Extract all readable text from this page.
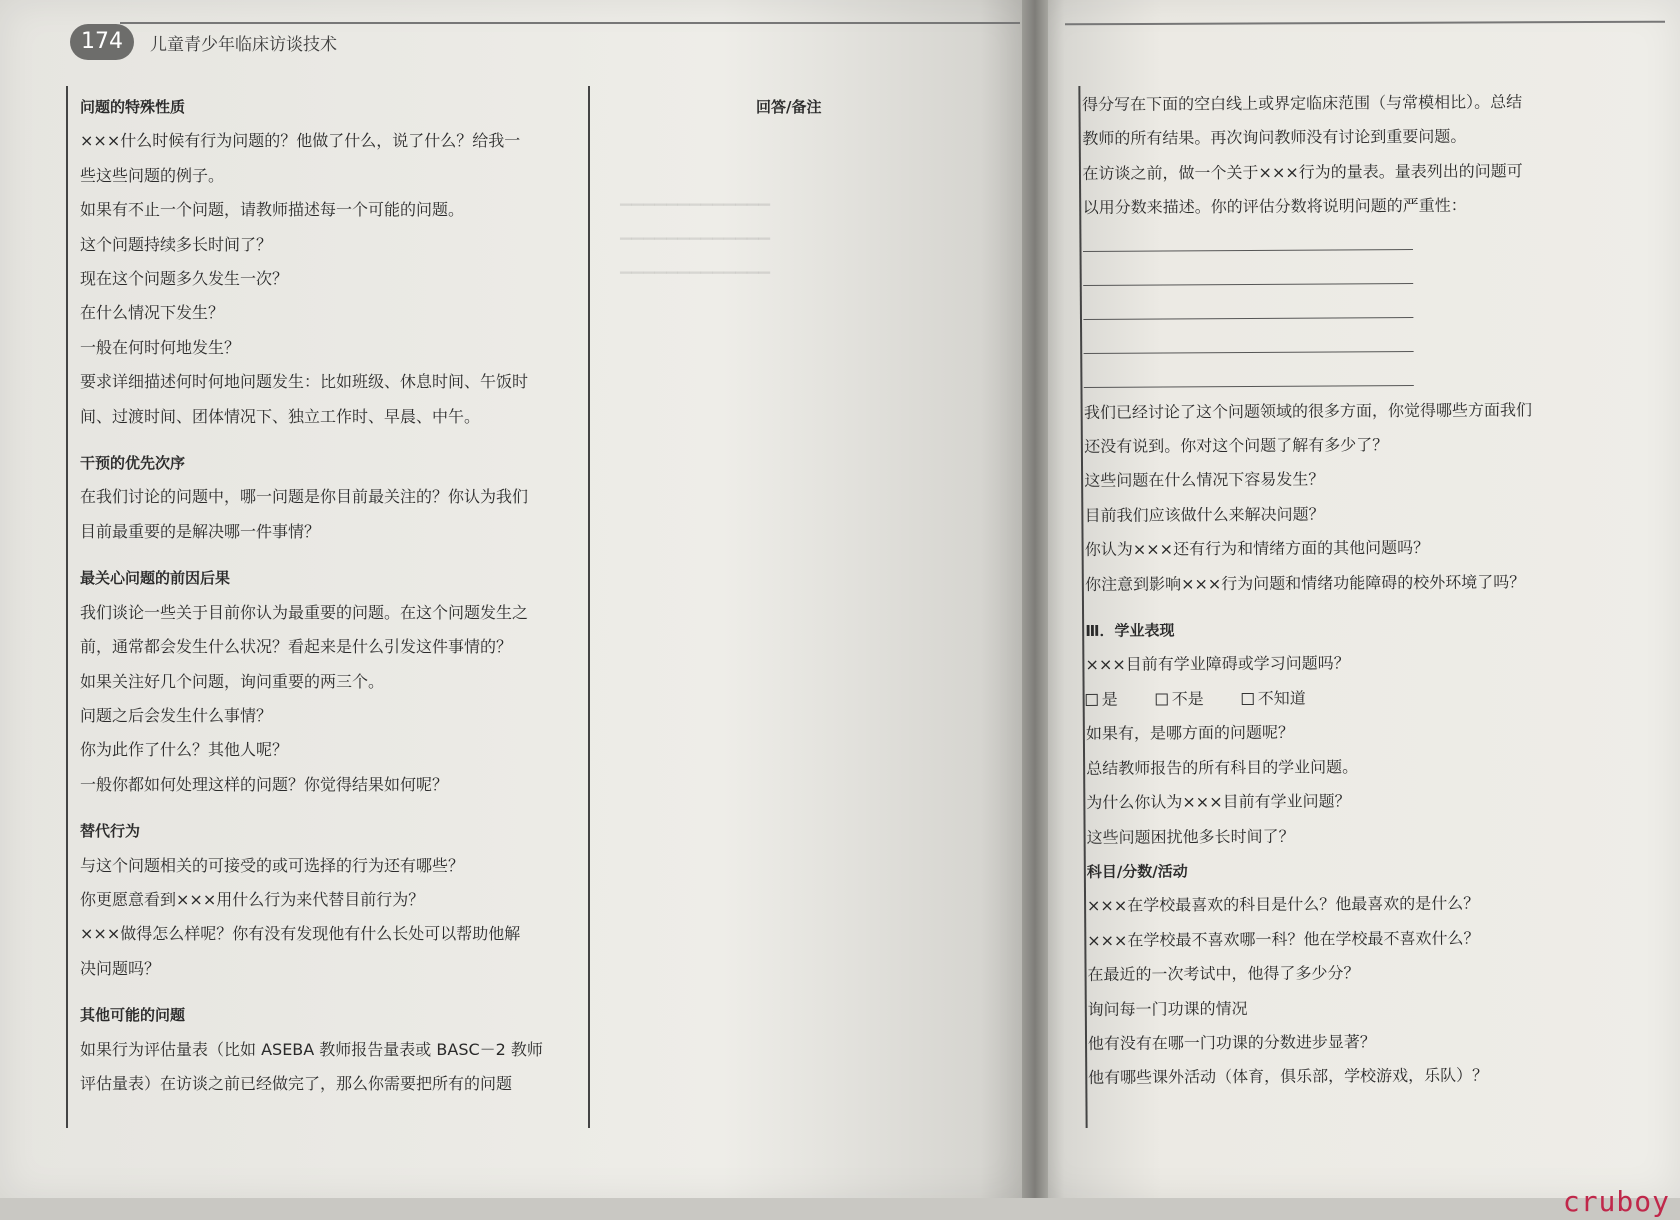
174	儿童青少年临床访谈技术
▁▁▁▁▁▁▁▁▁▁▁▁▁
▁▁▁▁▁▁▁▁▁▁▁▁▁
▁▁▁▁▁▁▁▁▁▁▁▁▁
回答/备注
问题的特殊性质
×××什么时候有行为问题的？他做了什么，说了什么？给我一
些这些问题的例子。
如果有不止一个问题，请教师描述每一个可能的问题。
这个问题持续多长时间了？
现在这个问题多久发生一次？
在什么情况下发生？
一般在何时何地发生？
要求详细描述何时何地问题发生：比如班级、休息时间、午饭时
间、过渡时间、团体情况下、独立工作时、早晨、中午。
干预的优先次序
在我们讨论的问题中，哪一问题是你目前最关注的？你认为我们
目前最重要的是解决哪一件事情？
最关心问题的前因后果
我们谈论一些关于目前你认为最重要的问题。在这个问题发生之
前，通常都会发生什么状况？看起来是什么引发这件事情的？
如果关注好几个问题，询问重要的两三个。
问题之后会发生什么事情？
你为此作了什么？其他人呢？
一般你都如何处理这样的问题？你觉得结果如何呢？
替代行为
与这个问题相关的可接受的或可选择的行为还有哪些？
你更愿意看到×××用什么行为来代替目前行为？
×××做得怎么样呢？你有没有发现他有什么长处可以帮助他解
决问题吗？
其他可能的问题
如果行为评估量表（比如 ASEBA 教师报告量表或 BASC－2 教师
评估量表）在访谈之前已经做完了，那么你需要把所有的问题
得分写在下面的空白线上或界定临床范围（与常模相比）。总结
教师的所有结果。再次询问教师没有讨论到重要问题。
在访谈之前，做一个关于×××行为的量表。量表列出的问题可
以用分数来描述。你的评估分数将说明问题的严重性：
我们已经讨论了这个问题领域的很多方面，你觉得哪些方面我们
还没有说到。你对这个问题了解有多少了？
这些问题在什么情况下容易发生？
目前我们应该做什么来解决问题？
你认为×××还有行为和情绪方面的其他问题吗？
你注意到影响×××行为问题和情绪功能障碍的校外环境了吗？
Ⅲ．学业表现
×××目前有学业障碍或学习问题吗？
是	不是	不知道
如果有，是哪方面的问题呢？
总结教师报告的所有科目的学业问题。
为什么你认为×××目前有学业问题？
这些问题困扰他多长时间了？
科目/分数/活动
×××在学校最喜欢的科目是什么？他最喜欢的是什么？
×××在学校最不喜欢哪一科？他在学校最不喜欢什么？
在最近的一次考试中，他得了多少分？
询问每一门功课的情况
他有没有在哪一门功课的分数进步显著？
他有哪些课外活动（体育，俱乐部，学校游戏，乐队）？
cruboy
